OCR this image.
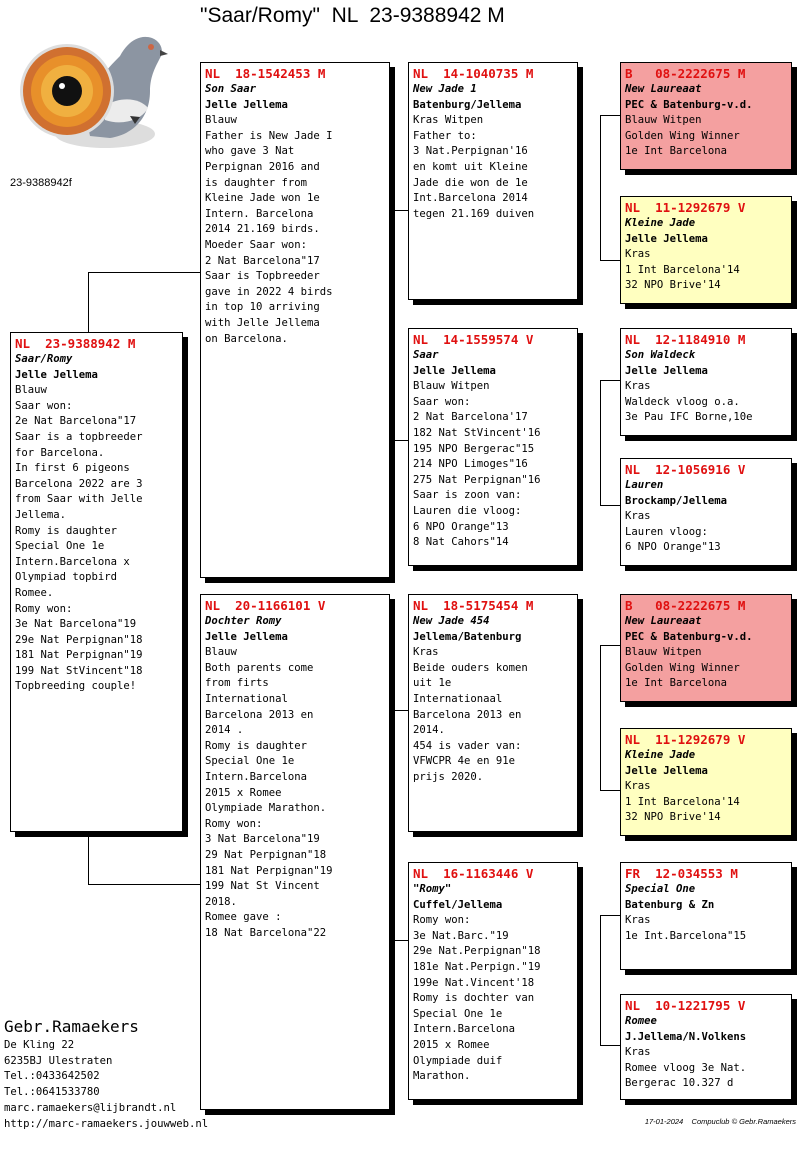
"Saar/Romy"  NL  23-9388942 M
23-9388942f
NL  23-9388942 M
Saar/Romy
Jelle Jellema
Blauw
Saar won:
2e Nat Barcelona"17
Saar is a topbreeder
for Barcelona.
In first 6 pigeons
Barcelona 2022 are 3
from Saar with Jelle
Jellema.
Romy is daughter
Special One 1e
Intern.Barcelona x
Olympiad topbird
Romee.
Romy won:
3e Nat Barcelona"19
29e Nat Perpignan"18
181 Nat Perpignan"19
199 Nat StVincent"18
Topbreeding couple!
NL  18-1542453 M
Son Saar
Jelle Jellema
Blauw
Father is New Jade I
who gave 3 Nat
Perpignan 2016 and
is daughter from
Kleine Jade won 1e
Intern. Barcelona
2014 21.169 birds.
Moeder Saar won:
2 Nat Barcelona"17
Saar is Topbreeder
gave in 2022 4 birds
in top 10 arriving
with Jelle Jellema
on Barcelona.
NL  20-1166101 V
Dochter Romy
Jelle Jellema
Blauw
Both parents come
from firts
International
Barcelona 2013 en
2014 .
Romy is daughter
Special One 1e
Intern.Barcelona
2015 x Romee
Olympiade Marathon.
Romy won:
3 Nat Barcelona"19
29 Nat Perpignan"18
181 Nat Perpignan"19
199 Nat St Vincent
2018.
Romee gave :
18 Nat Barcelona"22
NL  14-1040735 M
New Jade 1
Batenburg/Jellema
Kras Witpen
Father to:
3 Nat.Perpignan'16
en komt uit Kleine
Jade die won de 1e
Int.Barcelona 2014
tegen 21.169 duiven
NL  14-1559574 V
Saar
Jelle Jellema
Blauw Witpen
Saar won:
2 Nat Barcelona'17
182 Nat StVincent'16
195 NPO Bergerac"15
214 NPO Limoges"16
275 Nat Perpignan"16
Saar is zoon van:
Lauren die vloog:
6 NPO Orange"13
8 Nat Cahors"14
NL  18-5175454 M
New Jade 454
Jellema/Batenburg
Kras
Beide ouders komen
uit 1e
Internationaal
Barcelona 2013 en
2014.
454 is vader van:
VFWCPR 4e en 91e
prijs 2020.
NL  16-1163446 V
"Romy"
Cuffel/Jellema
Romy won:
3e Nat.Barc."19
29e Nat.Perpignan"18
181e Nat.Perpign."19
199e Nat.Vincent'18
Romy is dochter van
Special One 1e
Intern.Barcelona
2015 x Romee
Olympiade duif
Marathon.
B   08-2222675 M
New Laureaat
PEC & Batenburg-v.d.
Blauw Witpen
Golden Wing Winner
1e Int Barcelona
NL  11-1292679 V
Kleine Jade
Jelle Jellema
Kras
1 Int Barcelona'14
32 NPO Brive'14
NL  12-1184910 M
Son Waldeck
Jelle Jellema
Kras
Waldeck vloog o.a.
3e Pau IFC Borne,10e
NL  12-1056916 V
Lauren
Brockamp/Jellema
Kras
Lauren vloog:
6 NPO Orange"13
B   08-2222675 M
New Laureaat
PEC & Batenburg-v.d.
Blauw Witpen
Golden Wing Winner
1e Int Barcelona
NL  11-1292679 V
Kleine Jade
Jelle Jellema
Kras
1 Int Barcelona'14
32 NPO Brive'14
FR  12-034553 M
Special One
Batenburg & Zn
Kras
1e Int.Barcelona"15
NL  10-1221795 V
Romee
J.Jellema/N.Volkens
Kras
Romee vloog 3e Nat.
Bergerac 10.327 d
Gebr.Ramaekers
De Kling 22
6235BJ Ulestraten
Tel.:0433642502
Tel.:0641533780
marc.ramaekers@lijbrandt.nl
http://marc-ramaekers.jouwweb.nl	17-01-2024    Compuclub © Gebr.Ramaekers
